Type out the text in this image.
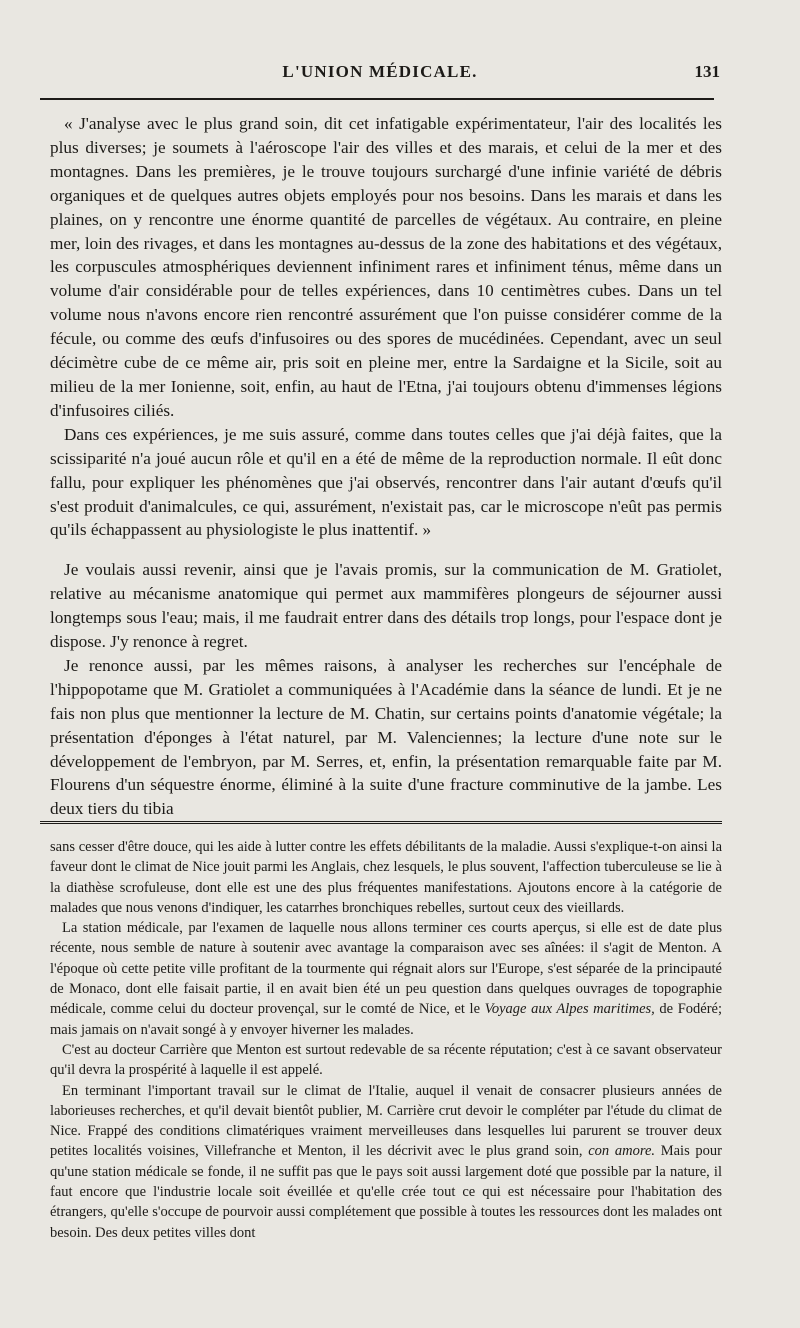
L'UNION MÉDICALE.	131

« J'analyse avec le plus grand soin, dit cet infatigable expérimentateur, l'air des localités les plus diverses; je soumets à l'aéroscope l'air des villes et des marais, et celui de la mer et des montagnes. Dans les premières, je le trouve toujours surchargé d'une infinie variété de débris organiques et de quelques autres objets employés pour nos besoins. Dans les marais et dans les plaines, on y rencontre une énorme quantité de parcelles de végétaux. Au contraire, en pleine mer, loin des rivages, et dans les montagnes au-dessus de la zone des habitations et des végétaux, les corpuscules atmosphériques deviennent infiniment rares et infiniment ténus, même dans un volume d'air considérable pour de telles expériences, dans 10 centimètres cubes. Dans un tel volume nous n'avons encore rien rencontré assurément que l'on puisse considérer comme de la fécule, ou comme des œufs d'infusoires ou des spores de mucédinées. Cependant, avec un seul décimètre cube de ce même air, pris soit en pleine mer, entre la Sardaigne et la Sicile, soit au milieu de la mer Ionienne, soit, enfin, au haut de l'Etna, j'ai toujours obtenu d'immenses légions d'infusoires ciliés.

Dans ces expériences, je me suis assuré, comme dans toutes celles que j'ai déjà faites, que la scissiparité n'a joué aucun rôle et qu'il en a été de même de la reproduction normale. Il eût donc fallu, pour expliquer les phénomènes que j'ai observés, rencontrer dans l'air autant d'œufs qu'il s'est produit d'animalcules, ce qui, assurément, n'existait pas, car le microscope n'eût pas permis qu'ils échappassent au physiologiste le plus inattentif. »

Je voulais aussi revenir, ainsi que je l'avais promis, sur la communication de M. Gratiolet, relative au mécanisme anatomique qui permet aux mammifères plongeurs de séjourner aussi longtemps sous l'eau; mais, il me faudrait entrer dans des détails trop longs, pour l'espace dont je dispose. J'y renonce à regret.

Je renonce aussi, par les mêmes raisons, à analyser les recherches sur l'encéphale de l'hippopotame que M. Gratiolet a communiquées à l'Académie dans la séance de lundi. Et je ne fais non plus que mentionner la lecture de M. Chatin, sur certains points d'anatomie végétale; la présentation d'éponges à l'état naturel, par M. Valenciennes; la lecture d'une note sur le développement de l'embryon, par M. Serres, et, enfin, la présentation remarquable faite par M. Flourens d'un séquestre énorme, éliminé à la suite d'une fracture comminutive de la jambe. Les deux tiers du tibia

sans cesser d'être douce, qui les aide à lutter contre les effets débilitants de la maladie. Aussi s'explique-t-on ainsi la faveur dont le climat de Nice jouit parmi les Anglais, chez lesquels, le plus souvent, l'affection tuberculeuse se lie à la diathèse scrofuleuse, dont elle est une des plus fréquentes manifestations. Ajoutons encore à la catégorie de malades que nous venons d'indiquer, les catarrhes bronchiques rebelles, surtout ceux des vieillards.

La station médicale, par l'examen de laquelle nous allons terminer ces courts aperçus, si elle est de date plus récente, nous semble de nature à soutenir avec avantage la comparaison avec ses aînées: il s'agit de Menton. A l'époque où cette petite ville profitant de la tourmente qui régnait alors sur l'Europe, s'est séparée de la principauté de Monaco, dont elle faisait partie, il en avait bien été un peu question dans quelques ouvrages de topographie médicale, comme celui du docteur provençal, sur le comté de Nice, et le Voyage aux Alpes maritimes, de Fodéré; mais jamais on n'avait songé à y envoyer hiverner les malades.

C'est au docteur Carrière que Menton est surtout redevable de sa récente réputation; c'est à ce savant observateur qu'il devra la prospérité à laquelle il est appelé.

En terminant l'important travail sur le climat de l'Italie, auquel il venait de consacrer plusieurs années de laborieuses recherches, et qu'il devait bientôt publier, M. Carrière crut devoir le compléter par l'étude du climat de Nice. Frappé des conditions climatériques vraiment merveilleuses dans lesquelles lui parurent se trouver deux petites localités voisines, Villefranche et Menton, il les décrivit avec le plus grand soin, con amore. Mais pour qu'une station médicale se fonde, il ne suffit pas que le pays soit aussi largement doté que possible par la nature, il faut encore que l'industrie locale soit éveillée et qu'elle crée tout ce qui est nécessaire pour l'habitation des étrangers, qu'elle s'occupe de pourvoir aussi complétement que possible à toutes les ressources dont les malades ont besoin. Des deux petites villes dont
